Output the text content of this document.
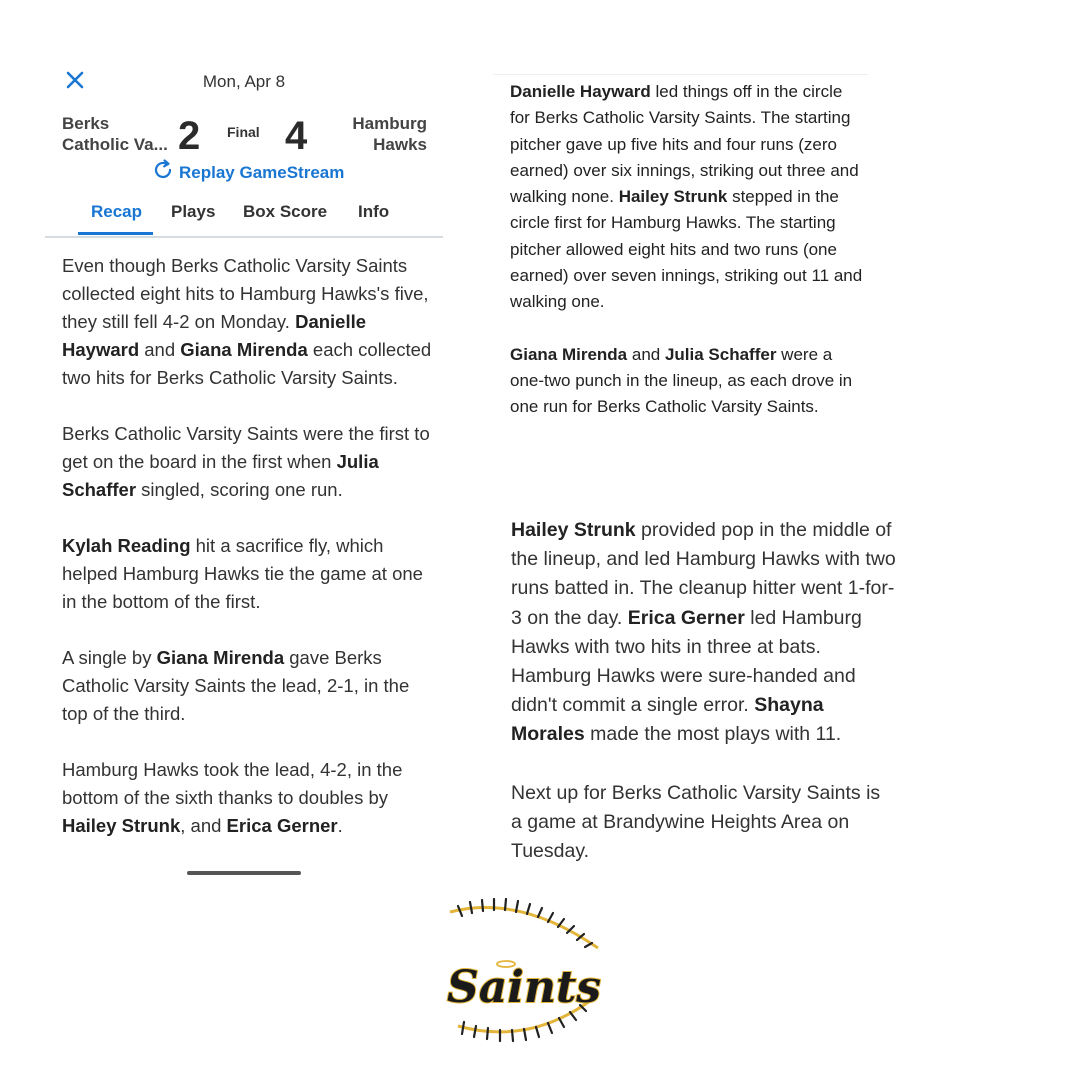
Mon, Apr 8
Berks
Catholic Va... 2 Final 4	Hamburg
Hawks
Replay GameStream
Recap Plays Box Score Info

Even though Berks Catholic Varsity Saints collected eight hits to Hamburg Hawks's five, they still fell 4-2 on Monday. Danielle Hayward and Giana Mirenda each collected two hits for Berks Catholic Varsity Saints.

Berks Catholic Varsity Saints were the first to get on the board in the first when Julia Schaffer singled, scoring one run.

Kylah Reading hit a sacrifice fly, which helped Hamburg Hawks tie the game at one in the bottom of the first.

A single by Giana Mirenda gave Berks Catholic Varsity Saints the lead, 2-1, in the top of the third.

Hamburg Hawks took the lead, 4-2, in the bottom of the sixth thanks to doubles by Hailey Strunk, and Erica Gerner.

Danielle Hayward led things off in the circle for Berks Catholic Varsity Saints. The starting pitcher gave up five hits and four runs (zero earned) over six innings, striking out three and walking none. Hailey Strunk stepped in the circle first for Hamburg Hawks. The starting pitcher allowed eight hits and two runs (one earned) over seven innings, striking out 11 and walking one.

Giana Mirenda and Julia Schaffer were a one-two punch in the lineup, as each drove in one run for Berks Catholic Varsity Saints.

Hailey Strunk provided pop in the middle of the lineup, and led Hamburg Hawks with two runs batted in. The cleanup hitter went 1-for-3 on the day. Erica Gerner led Hamburg Hawks with two hits in three at bats. Hamburg Hawks were sure-handed and didn't commit a single error. Shayna Morales made the most plays with 11.

Next up for Berks Catholic Varsity Saints is a game at Brandywine Heights Area on Tuesday.

Saints
